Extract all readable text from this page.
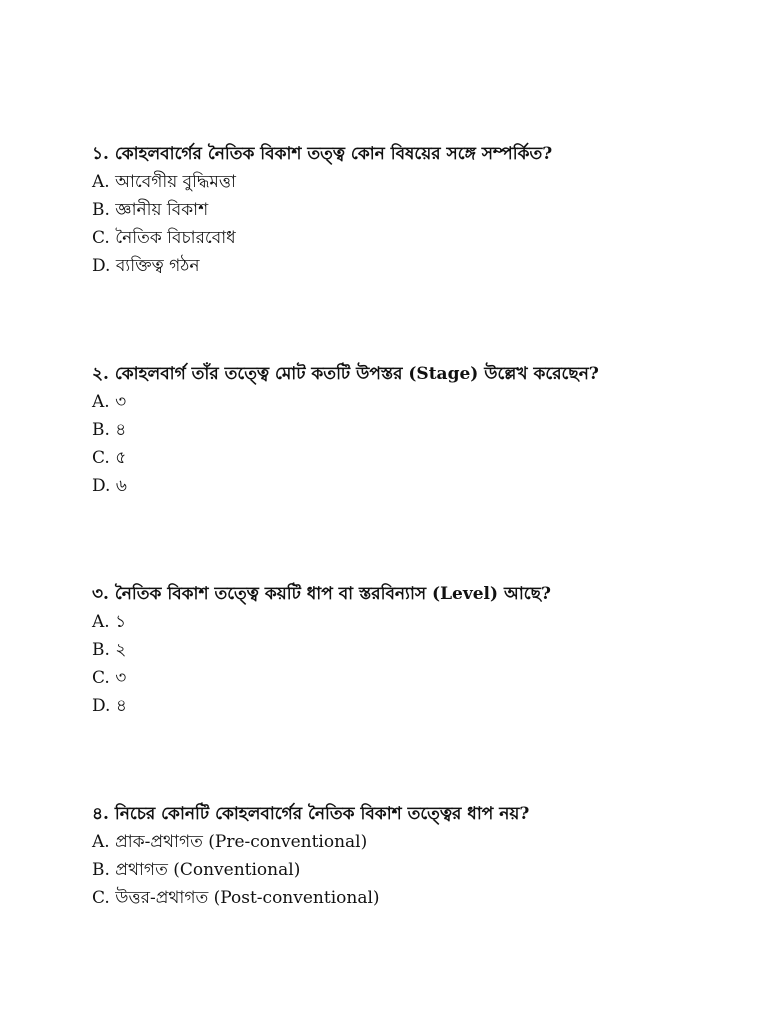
১. কোহলবার্গের নৈতিক বিকাশ তত্ত্ব কোন বিষয়ের সঙ্গে সম্পর্কিত?

A. আবেগীয় বুদ্ধিমত্তা

B. জ্ঞানীয় বিকাশ

C. নৈতিক বিচারবোধ

D. ব্যক্তিত্ব গঠন

২. কোহলবার্গ তাঁর তত্ত্বে মোট কতটি উপস্তর (Stage) উল্লেখ করেছেন?

A. ৩

B. ৪

C. ৫

D. ৬

৩. নৈতিক বিকাশ তত্ত্বে কয়টি ধাপ বা স্তরবিন্যাস (Level) আছে?

A. ১

B. ২

C. ৩

D. ৪

৪. নিচের কোনটি কোহলবার্গের নৈতিক বিকাশ তত্ত্বের ধাপ নয়?

A. প্রাক-প্রথাগত (Pre-conventional)

B. প্রথাগত (Conventional)

C. উত্তর-প্রথাগত (Post-conventional)
